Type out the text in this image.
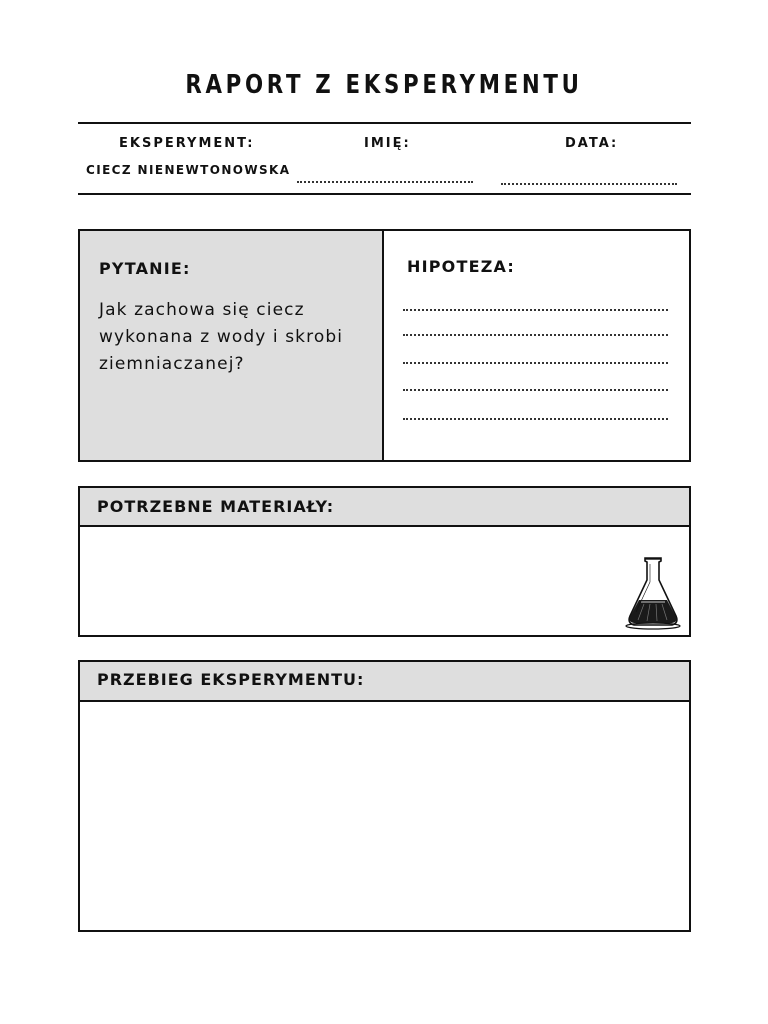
RAPORT Z EKSPERYMENTU
EKSPERYMENT:	IMIĘ:	DATA:
CIECZ NIENEWTONOWSKA
PYTANIE:
Jak zachowa się ciecz wykonana z wody i skrobi ziemniaczanej?
HIPOTEZA:
POTRZEBNE MATERIAŁY:
PRZEBIEG EKSPERYMENTU:
